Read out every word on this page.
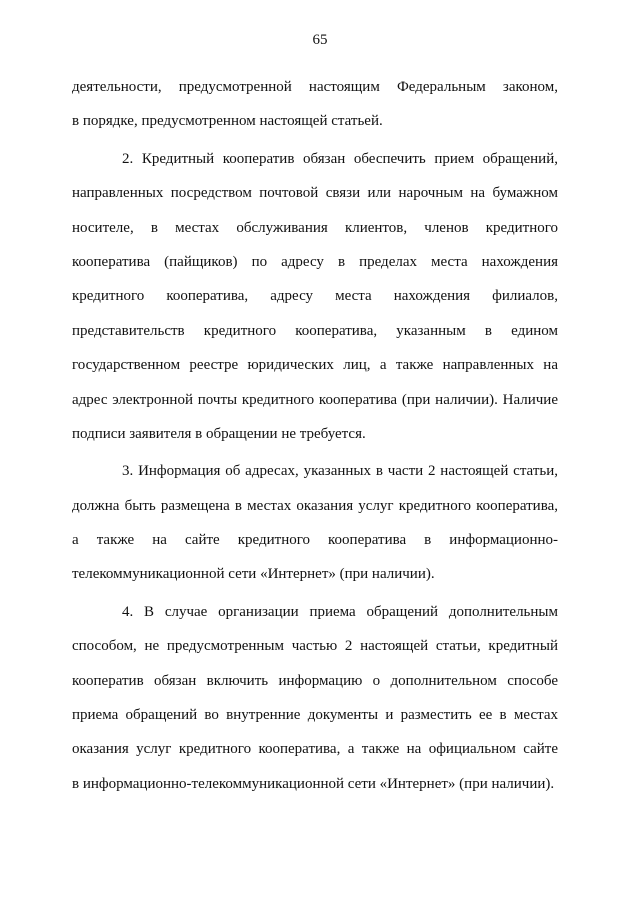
65
деятельности, предусмотренной настоящим Федеральным законом,
в порядке, предусмотренном настоящей статьей.
2. Кредитный кооператив обязан обеспечить прием обращений,
направленных посредством почтовой связи или нарочным на бумажном
носителе, в местах обслуживания клиентов, членов кредитного
кооператива (пайщиков) по адресу в пределах места нахождения
кредитного кооператива, адресу места нахождения филиалов,
представительств кредитного кооператива, указанным в едином
государственном реестре юридических лиц, а также направленных на
адрес электронной почты кредитного кооператива (при наличии). Наличие
подписи заявителя в обращении не требуется.
3. Информация об адресах, указанных в части 2 настоящей статьи,
должна быть размещена в местах оказания услуг кредитного кооператива,
а также на сайте кредитного кооператива в информационно-
телекоммуникационной сети «Интернет» (при наличии).
4. В случае организации приема обращений дополнительным
способом, не предусмотренным частью 2 настоящей статьи, кредитный
кооператив обязан включить информацию о дополнительном способе
приема обращений во внутренние документы и разместить ее в местах
оказания услуг кредитного кооператива, а также на официальном сайте
в информационно-телекоммуникационной сети «Интернет» (при наличии).
